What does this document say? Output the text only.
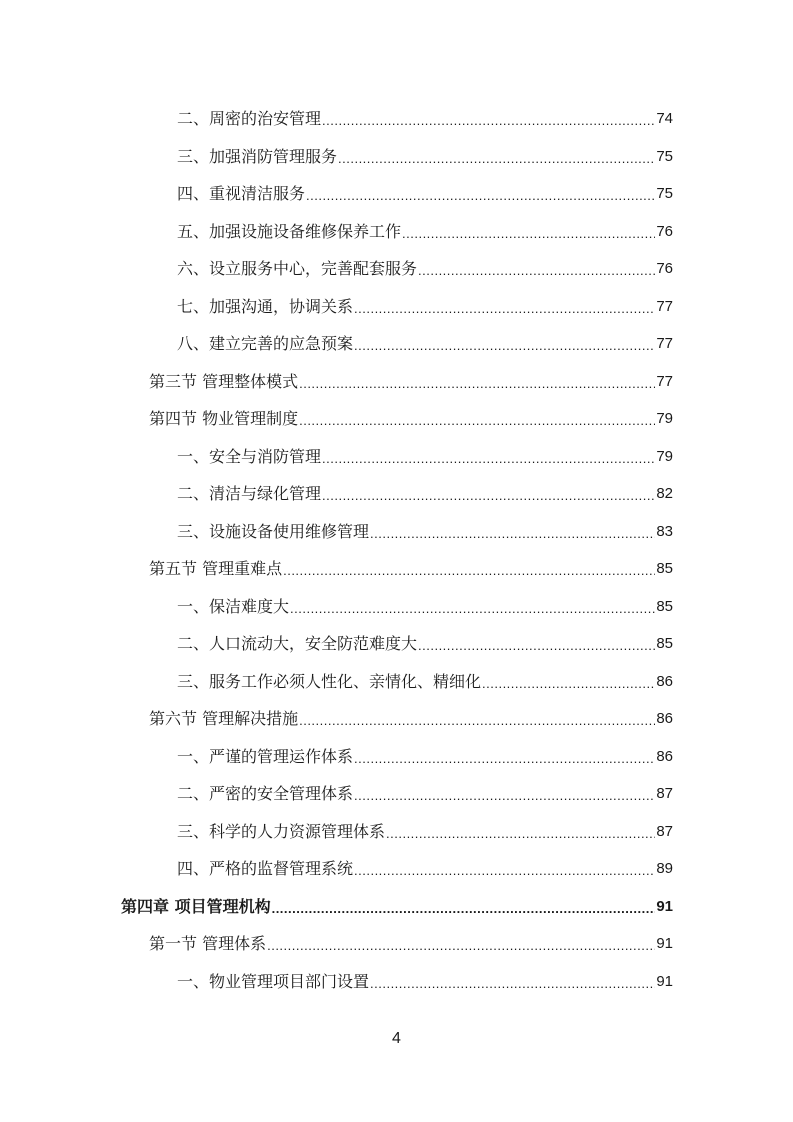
二、周密的治安管理 .....	74
三、加强消防管理服务 .....	75
四、重视清洁服务 .....	75
五、加强设施设备维修保养工作 .....	76
六、设立服务中心，完善配套服务 .....	76
七、加强沟通，协调关系 .....	77
八、建立完善的应急预案 .....	77
第三节 管理整体模式 .....	77
第四节 物业管理制度 .....	79
一、安全与消防管理 .....	79
二、清洁与绿化管理 .....	82
三、设施设备使用维修管理 .....	83
第五节 管理重难点 .....	85
一、保洁难度大 .....	85
二、人口流动大，安全防范难度大 .....	85
三、服务工作必须人性化、亲情化、精细化 .....	86
第六节 管理解决措施 .....	86
一、严谨的管理运作体系 .....	86
二、严密的安全管理体系 .....	87
三、科学的人力资源管理体系 .....	87
四、严格的监督管理系统 .....	89
第四章 项目管理机构 .....	91
第一节 管理体系 .....	91
一、物业管理项目部门设置 .....	91
4
